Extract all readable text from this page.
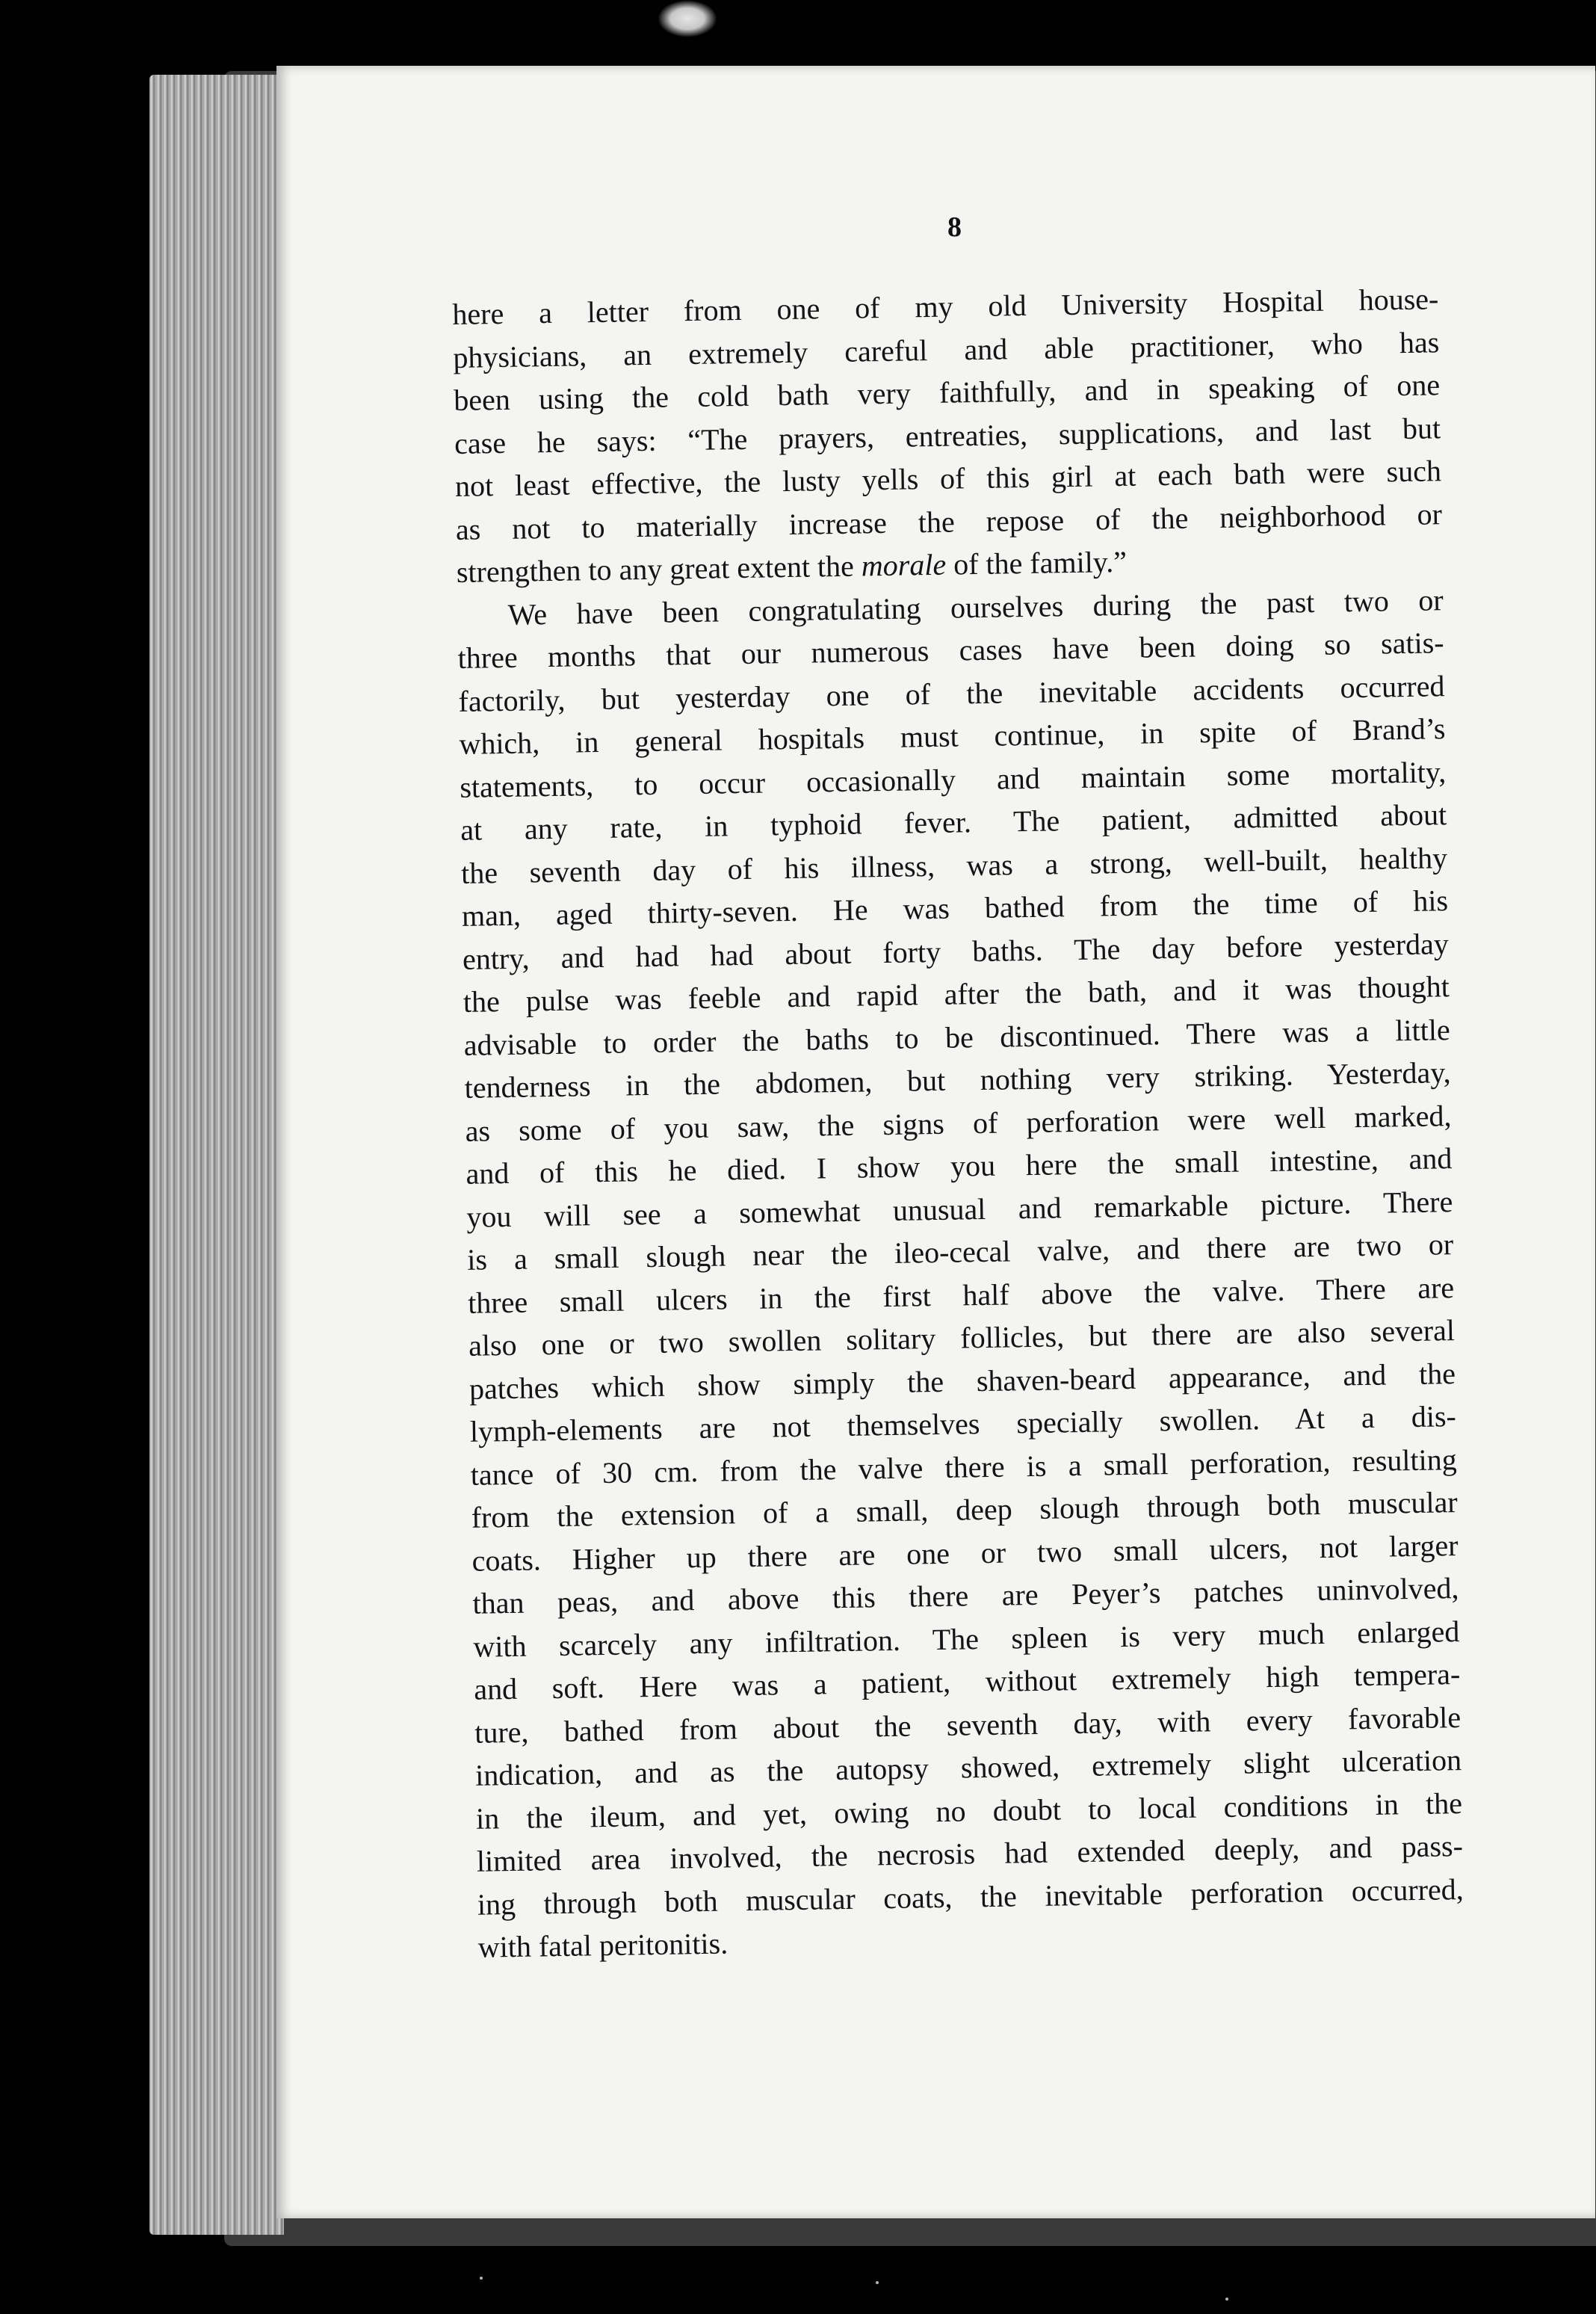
8
here a letter from one of my old University Hospital house-
physicians, an extremely careful and able practitioner, who has
been using the cold bath very faithfully, and in speaking of one
case he says: “The prayers, entreaties, supplications, and last but
not least effective, the lusty yells of this girl at each bath were such
as not to materially increase the repose of the neighborhood or
strengthen to any great extent the morale of the family.”
We have been congratulating ourselves during the past two or
three months that our numerous cases have been doing so satis-
factorily, but yesterday one of the inevitable accidents occurred
which, in general hospitals must continue, in spite of Brand’s
statements, to occur occasionally and maintain some mortality,
at any rate, in typhoid fever. The patient, admitted about
the seventh day of his illness, was a strong, well-built, healthy
man, aged thirty-seven. He was bathed from the time of his
entry, and had had about forty baths. The day before yesterday
the pulse was feeble and rapid after the bath, and it was thought
advisable to order the baths to be discontinued. There was a little
tenderness in the abdomen, but nothing very striking. Yesterday,
as some of you saw, the signs of perforation were well marked,
and of this he died. I show you here the small intestine, and
you will see a somewhat unusual and remarkable picture. There
is a small slough near the ileo-cecal valve, and there are two or
three small ulcers in the first half above the valve. There are
also one or two swollen solitary follicles, but there are also several
patches which show simply the shaven-beard appearance, and the
lymph-elements are not themselves specially swollen. At a dis-
tance of 30 cm. from the valve there is a small perforation, resulting
from the extension of a small, deep slough through both muscular
coats. Higher up there are one or two small ulcers, not larger
than peas, and above this there are Peyer’s patches uninvolved,
with scarcely any infiltration. The spleen is very much enlarged
and soft. Here was a patient, without extremely high tempera-
ture, bathed from about the seventh day, with every favorable
indication, and as the autopsy showed, extremely slight ulceration
in the ileum, and yet, owing no doubt to local conditions in the
limited area involved, the necrosis had extended deeply, and pass-
ing through both muscular coats, the inevitable perforation occurred,
with fatal peritonitis.
